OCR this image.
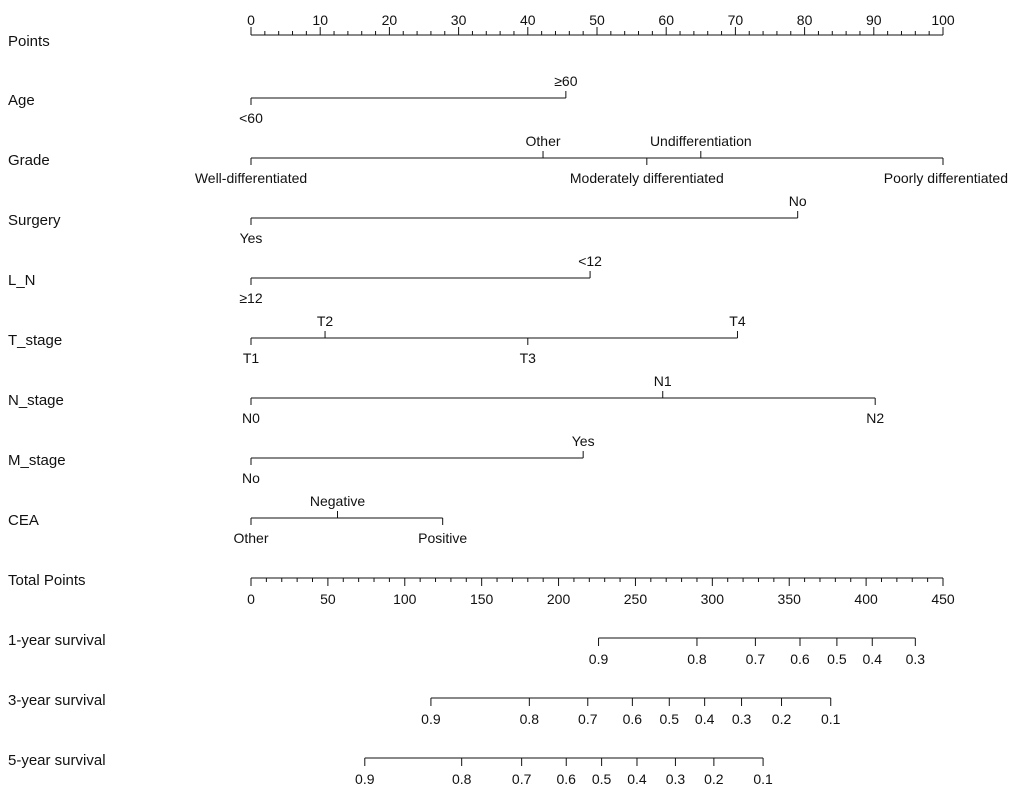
Points
0	10	20	30	40	50	60	70	80	90	100
Age
<60
≥60
Grade
Well-differentiated
Other
Moderately differentiated
Undifferentiation
Poorly differentiated
Surgery
Yes
No
L_N
≥12
<12
T_stage
T1
T2
T3
T4
N_stage
N0
N1
N2
M_stage
No
Yes
CEA
Other
Negative
Positive
Total Points
0	50	100	150	200	250	300	350	400	450
1-year survival
0.9	0.8	0.7 0.6 0.5 0.4 0.3
3-year survival
0.9	0.8	0.7 0.6 0.5 0.4 0.3 0.2 0.1
5-year survival
0.9	0.8	0.7 0.6 0.5 0.4 0.3 0.2 0.1
